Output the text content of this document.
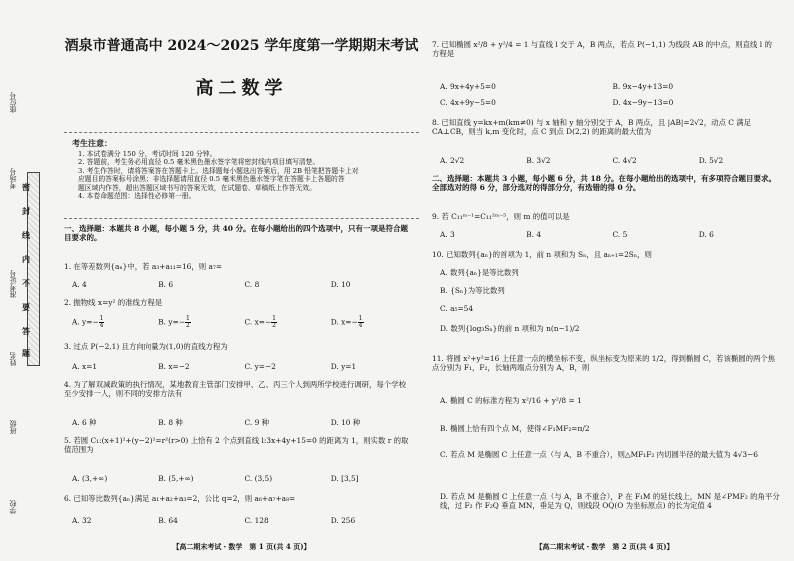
座位号
考场号
准考证号
姓名
班级
学校
密
封
线
内
不
要
答
题
酒泉市普通高中 2024～2025 学年度第一学期期末考试
高二数学
考生注意：
1. 本试卷满分 150 分，考试时间 120 分钟。
2. 答题前，考生务必用直径 0.5 毫米黑色墨水签字笔将密封线内项目填写清楚。
3. 考生作答时，请将答案答在答题卡上。选择题每小题选出答案后，用 2B 铅笔把答题卡上对
应题目的答案标号涂黑；非选择题请用直径 0.5 毫米黑色墨水签字笔在答题卡上各题的答
题区域内作答，超出答题区域书写的答案无效，在试题卷、草稿纸上作答无效。
4. 本卷命题范围：选择性必修第一册。
一、选择题：本题共 8 小题，每小题 5 分，共 40 分。在每小题给出的四个选项中，只有一项是符合题目要求的。
1. 在等差数列{aₙ}中，若 a₃+a₁₁=16，则 a₇=
A. 4	B. 6	C. 8	D. 10
2. 抛物线 x=y² 的准线方程是
A. $y=- \frac{1}{4}$	B. $y=- \frac{1}{2}$	C. $x=- \frac{1}{2}$	D. $x=- \frac{1}{4}$
3. 过点 P(−2,1) 且方向向量为(1,0)的直线方程为
A. x=1	B. x=−2	C. y=−2	D. y=1
4. 为了解双减政策的执行情况，某地教育主管部门安排甲、乙、丙三个人到两所学校进行调研，每个学校至少安排一人，则不同的安排方法有
A. 6 种	B. 8 种	C. 9 种	D. 10 种
5. 若圆 C₁:(x+1)²+(y−2)²=r²(r>0) 上恰有 2 个点到直线 l:3x+4y+15=0 的距离为 1，则实数 r 的取值范围为
A. (3,+∞)	B. (5,+∞)	C. (3,5)	D. [3,5]
6. 已知等比数列{aₙ}满足 a₁+a₂+a₃=2，公比 q=2，则 a₆+a₇+a₈=
A. 32	B. 64	C. 128	D. 256
【高二期末考试・数学　第 1 页(共 4 页)】
7. 已知椭圆 x²/8 + y²/4 = 1 与直线 l 交于 A，B 两点，若点 P(−1,1) 为线段 AB 的中点，则直线 l 的方程是
A. 9x+4y+5=0	B. 9x−4y+13=0
C. 4x+9y−5=0	D. 4x−9y−13=0
8. 已知直线 y=kx+m(km≠0) 与 x 轴和 y 轴分别交于 A，B 两点，且 |AB|=2√2，动点 C 满足 CA⊥CB，则当 k,m 变化时，点 C 到点 D(2,2) 的距离的最大值为
A. 2√2	B. 3√2	C. 4√2	D. 5√2
二、选择题：本题共 3 小题，每小题 6 分，共 18 分。在每小题给出的选项中，有多项符合题目要求。全部选对的得 6 分，部分选对的得部分分，有选错的得 0 分。
9. 若 C₁₁ᵐ⁻¹=C₁₁²ᵐ⁻⁵，则 m 的值可以是
A. 3	B. 4	C. 5	D. 6
10. 已知数列{aₙ}的首项为 1，前 n 项和为 Sₙ，且 aₙ₊₁=2Sₙ，则
A. 数列{aₙ}是等比数列
B. {Sₙ}为等比数列
C. a₅=54
D. 数列{log₃Sₙ}的前 n 项和为 n(n−1)/2
11. 将圆 x²+y²=16 上任意一点的横坐标不变，纵坐标变为原来的 1/2，得到椭圆 C，若该椭圆的两个焦点分别为 F₁，F₂，长轴两端点分别为 A，B，则
A. 椭圆 C 的标准方程为 x²/16 + y²/8 = 1
B. 椭圆上恰有四个点 M，使得∠F₁MF₂=π/2
C. 若点 M 是椭圆 C 上任意一点（与 A，B 不重合），则△MF₁F₂ 内切圆半径的最大值为 4√3−6
D. 若点 M 是椭圆 C 上任意一点（与 A，B 不重合），P 在 F₁M 的延长线上，MN 是∠PMF₂ 的角平分线，过 F₂ 作 F₂Q 垂直 MN，垂足为 Q，则线段 OQ(O 为坐标原点) 的长为定值 4
【高二期末考试・数学　第 2 页(共 4 页)】
